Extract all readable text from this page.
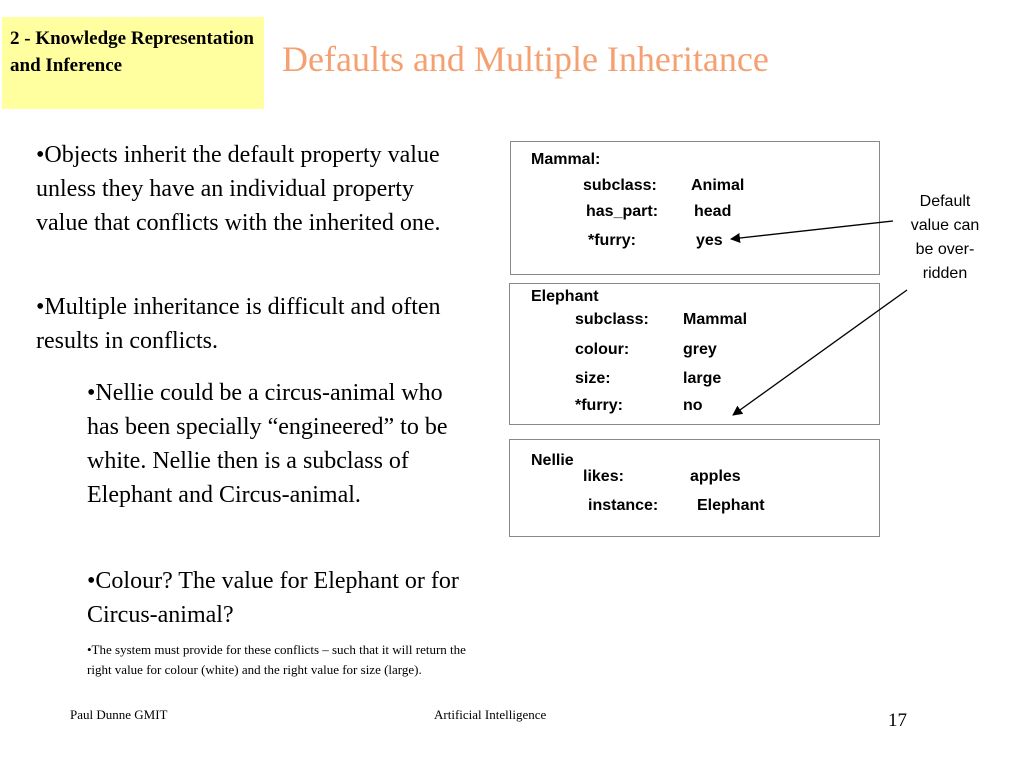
2 - Knowledge Representation and Inference	Defaults and Multiple Inheritance
•Objects inherit the default property value unless they have an individual property value that conflicts with the inherited one.
•Multiple inheritance is difficult and often results in conflicts.
•Nellie could be a circus-animal who has been specially “engineered” to be white. Nellie then is a subclass of Elephant and Circus-animal.
•Colour? The value for Elephant or for Circus-animal?
•The system must provide for these conflicts – such that it will return the right value for colour (white) and the right value for size (large).
Mammal:
subclass: Animal
has_part: head
*furry:	yes
Elephant
subclass: Mammal
colour:	grey
size:	large
*furry:	no
Nellie
likes:	apples
instance: Elephant
Default
value can
be over-
ridden
Paul Dunne GMIT	Artificial Intelligence	17
